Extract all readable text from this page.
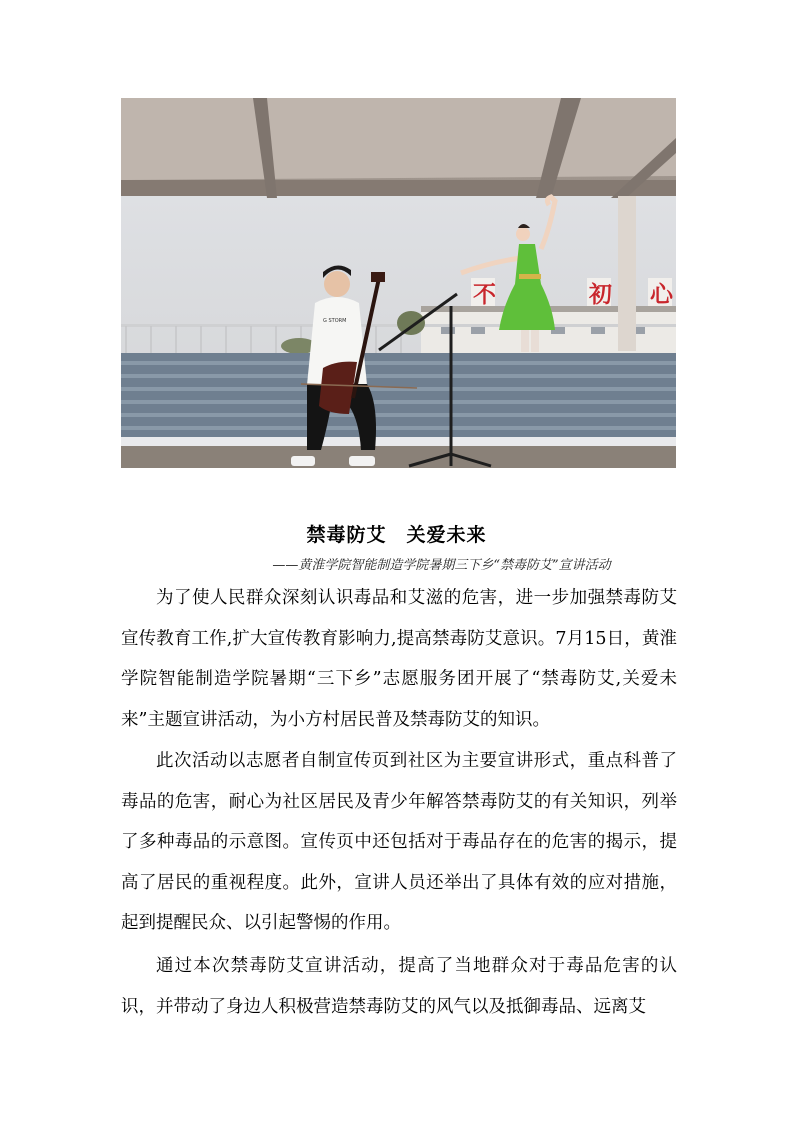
不	初 心
G STORM
禁毒防艾　关爱未来
——黄淮学院智能制造学院暑期三下乡“禁毒防艾”宣讲活动

为了使人民群众深刻认识毒品和艾滋的危害，进一步加强禁毒防艾宣传教育工作,扩大宣传教育影响力,提高禁毒防艾意识。7月15日，黄淮学院智能制造学院暑期“三下乡”志愿服务团开展了“禁毒防艾,关爱未来”主题宣讲活动，为小方村居民普及禁毒防艾的知识。

此次活动以志愿者自制宣传页到社区为主要宣讲形式，重点科普了毒品的危害，耐心为社区居民及青少年解答禁毒防艾的有关知识，列举了多种毒品的示意图。宣传页中还包括对于毒品存在的危害的揭示，提高了居民的重视程度。此外，宣讲人员还举出了具体有效的应对措施，起到提醒民众、以引起警惕的作用。

通过本次禁毒防艾宣讲活动，提高了当地群众对于毒品危害的认识，并带动了身边人积极营造禁毒防艾的风气以及抵御毒品、远离艾
